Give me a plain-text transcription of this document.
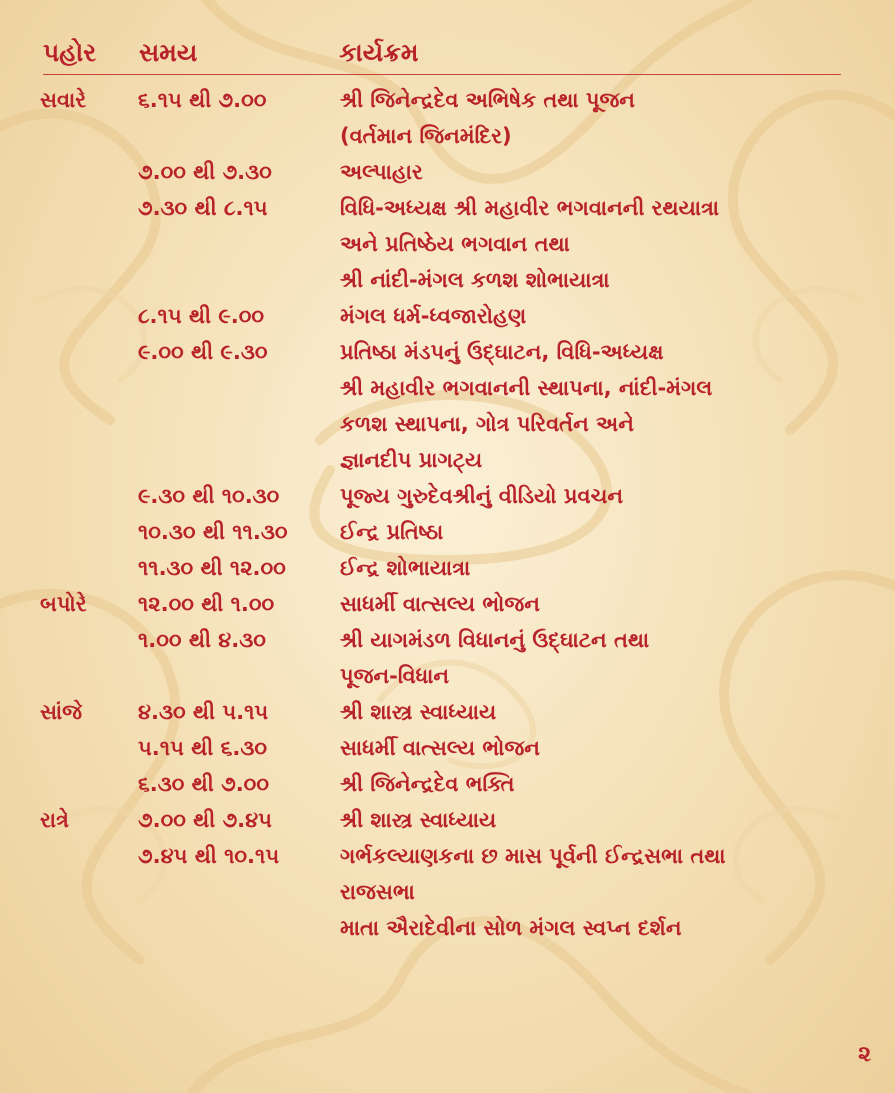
પહોર સમય	કાર્યક્રમ
સવારે ૬.૧૫ થી ૭.૦૦	શ્રી જિનેન્દ્રદેવ અભિષેક તથા પૂજન
(વર્તમાન જિનમંદિર)
૭.૦૦ થી ૭.૩૦	અલ્પાહાર
૭.૩૦ થી ૮.૧૫	વિધિ-અધ્યક્ષ શ્રી મહાવીર ભગવાનની રથયાત્રા
અને પ્રતિષ્ઠેય ભગવાન તથા
શ્રી નાંદી-મંગલ કળશ શોભાયાત્રા
૮.૧૫ થી ૯.૦૦	મંગલ ધર્મ-ધ્વજારોહણ
૯.૦૦ થી ૯.૩૦	પ્રતિષ્ઠા મંડપનું ઉદ્‌ઘાટન, વિધિ-અધ્યક્ષ
શ્રી મહાવીર ભગવાનની સ્થાપના, નાંદી-મંગલ
કળશ સ્થાપના, ગોત્ર પરિવર્તન અને
જ્ઞાનદીપ પ્રાગટ્ય
૯.૩૦ થી ૧૦.૩૦	પૂજ્ય ગુરુદેવશ્રીનું વીડિયો પ્રવચન
૧૦.૩૦ થી ૧૧.૩૦	ઈન્દ્ર પ્રતિષ્ઠા
૧૧.૩૦ થી ૧૨.૦૦	ઈન્દ્ર શોભાયાત્રા
બપોરે ૧૨.૦૦ થી ૧.૦૦	સાધર્મી વાત્સલ્ય ભોજન
૧.૦૦ થી ૪.૩૦	શ્રી યાગમંડળ વિધાનનું ઉદ્‌ઘાટન તથા
પૂજન-વિધાન
સાંજે	૪.૩૦ થી ૫.૧૫	શ્રી શાસ્ત્ર સ્વાધ્યાય
૫.૧૫ થી ૬.૩૦	સાધર્મી વાત્સલ્ય ભોજન
૬.૩૦ થી ૭.૦૦	શ્રી જિનેન્દ્રદેવ ભક્તિ
રાત્રે	૭.૦૦ થી ૭.૪૫	શ્રી શાસ્ત્ર સ્વાધ્યાય
૭.૪૫ થી ૧૦.૧૫	ગર્ભકલ્યાણકના છ માસ પૂર્વની ઈન્દ્રસભા તથા
રાજસભા
માતા ઐરાદેવીના સોળ મંગલ સ્વપ્ન દર્શન
૨
